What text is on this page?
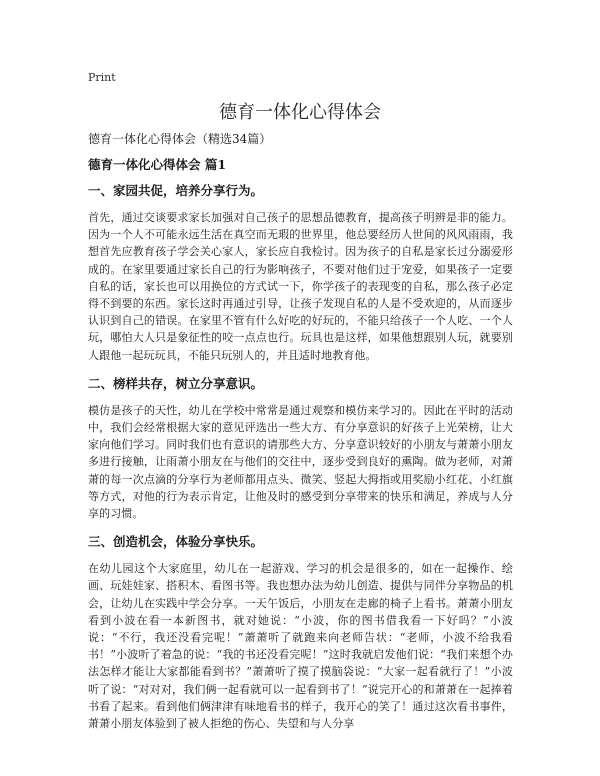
Print
德育一体化心得体会
德育一体化心得体会（精选34篇）
德育一体化心得体会 篇1
一、家园共促，培养分享行为。

首先，通过交谈要求家长加强对自己孩子的思想品德教育，提高孩子明辨是非的能力。因为一个人不可能永远生活在真空而无瑕的世界里，他总要经历人世间的风风雨雨，我想首先应教育孩子学会关心家人，家长应自我检讨。因为孩子的自私是家长过分溺爱形成的。在家里要通过家长自己的行为影响孩子，不要对他们过于宠爱，如果孩子一定要自私的话，家长也可以用换位的方式试一下，你学孩子的表现变的自私，那么孩子必定得不到要的东西。家长这时再通过引导，让孩子发现自私的人是不受欢迎的，从而逐步认识到自己的错误。在家里不管有什么好吃的好玩的，不能只给孩子一个人吃、一个人玩，哪怕大人只是象征性的咬一点点也行。玩具也是这样，如果他想跟别人玩，就要别人跟他一起玩玩具，不能只玩别人的，并且适时地教育他。

二、榜样共存，树立分享意识。

模仿是孩子的天性，幼儿在学校中常常是通过观察和模仿来学习的。因此在平时的活动中，我们会经常根据大家的意见评选出一些大方、有分享意识的好孩子上光荣榜，让大家向他们学习。同时我们也有意识的请那些大方、分享意识较好的小朋友与萧萧小朋友多进行接触，让雨萧小朋友在与他们的交往中，逐步受到良好的熏陶。做为老师，对萧萧的每一次点滴的分享行为老师都用点头、微笑、竖起大拇指或用奖励小红花、小红旗等方式，对他的行为表示肯定，让他及时的感受到分享带来的快乐和满足，养成与人分享的习惯。

三、创造机会，体验分享快乐。

在幼儿园这个大家庭里，幼儿在一起游戏、学习的机会是很多的，如在一起操作、绘画、玩娃娃家、搭积木、看图书等。我也想办法为幼儿创造、提供与同伴分享物品的机会，让幼儿在实践中学会分享。一天午饭后，小朋友在走廊的椅子上看书。萧萧小朋友看到小波在看一本新图书，就对她说：“小波，你的图书借我看一下好吗？”小波说：“不行，我还没看完呢！”萧萧听了就跑来向老师告状：“老师，小波不给我看书！”小波听了着急的说：“我的书还没看完呢！”这时我就启发他们说：“我们来想个办法怎样才能让大家都能看到书？”萧萧听了摸了摸脑袋说：“大家一起看就行了！”小波听了说：“对对对，我们俩一起看就可以一起看到书了！”说完开心的和萧萧在一起捧着书看了起来。看到他们俩津津有味地看书的样子，我开心的笑了！通过这次看书事件，萧萧小朋友体验到了被人拒绝的伤心、失望和与人分享
